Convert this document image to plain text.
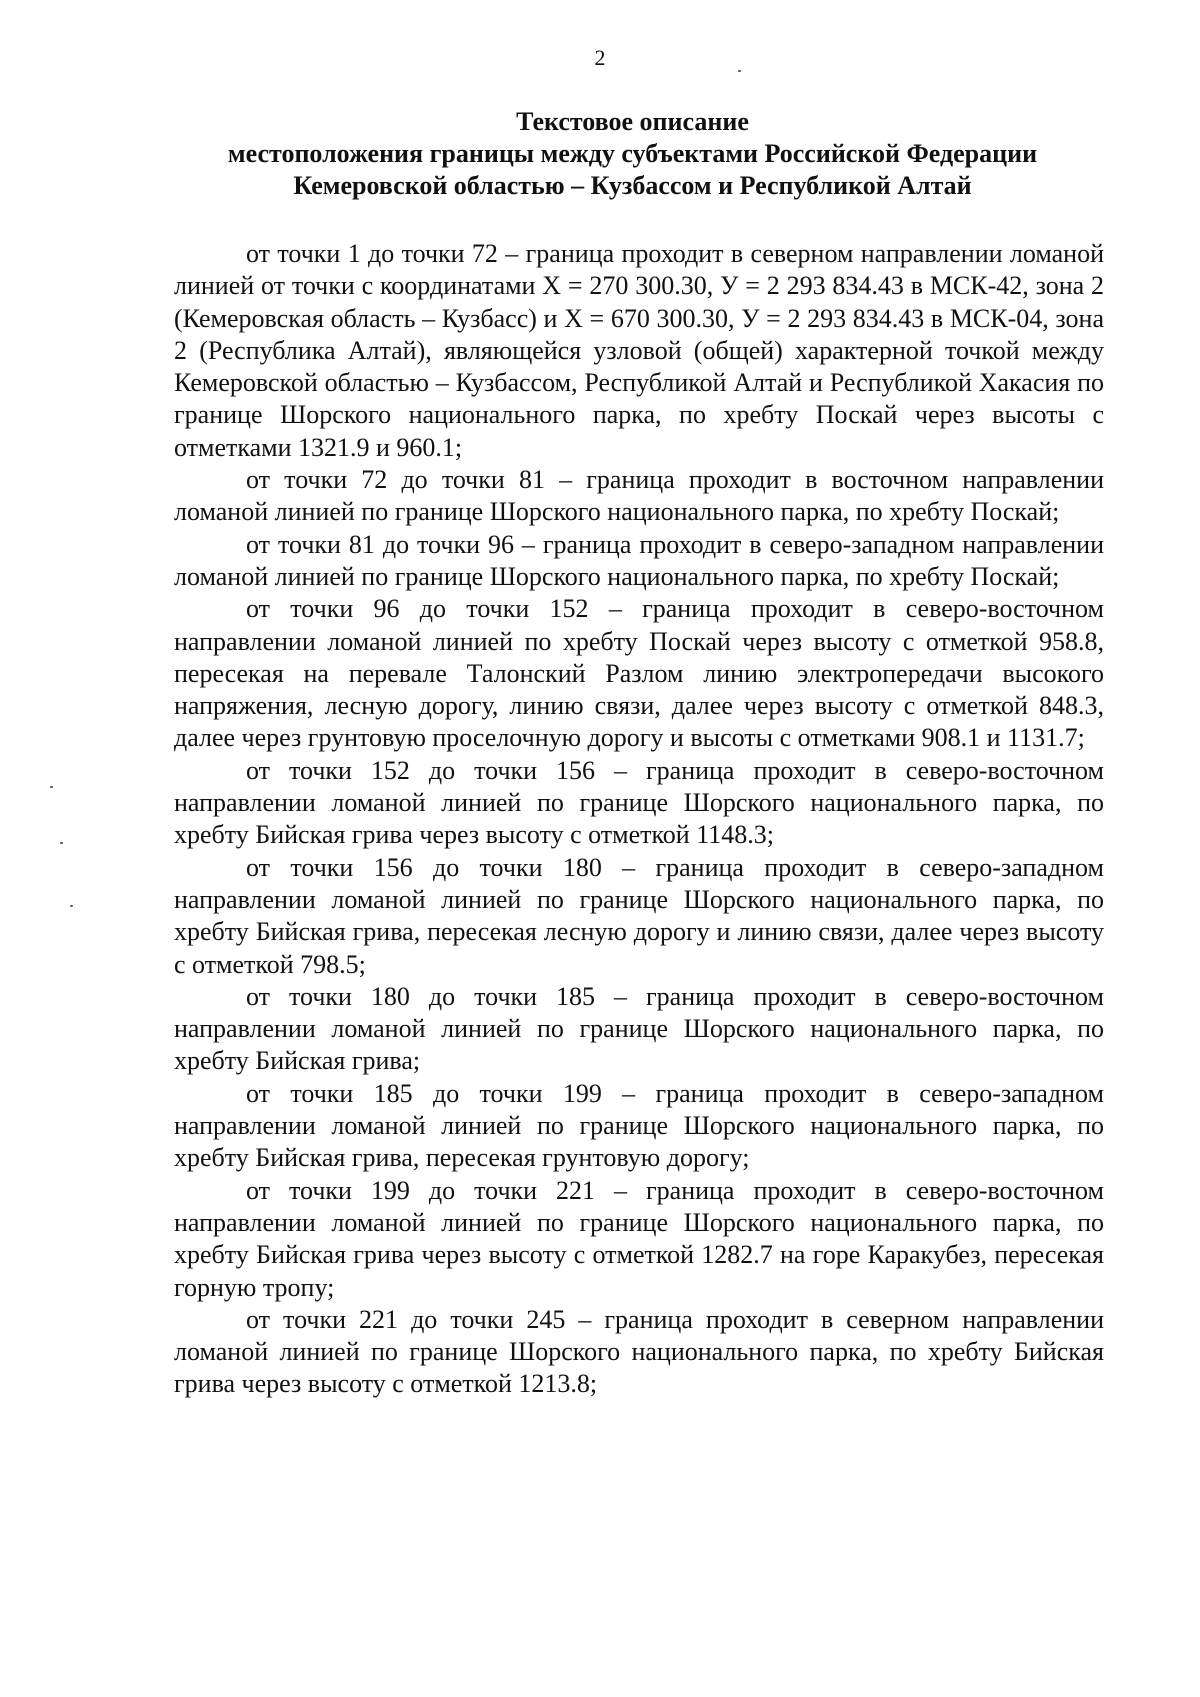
2
Текстовое описание
местоположения границы между субъектами Российской Федерации
Кемеровской областью – Кузбассом и Республикой Алтай

от точки 1 до точки 72 – граница проходит в северном направлении ломаной линией от точки с координатами Х = 270 300.30, У = 2 293 834.43 в МСК-42, зона 2 (Кемеровская область – Кузбасс) и Х = 670 300.30, У = 2 293 834.43 в МСК-04, зона 2 (Республика Алтай), являющейся узловой (общей) характерной точкой между Кемеровской областью – Кузбассом, Республикой Алтай и Республикой Хакасия по границе Шорского национального парка, по хребту Поскай через высоты с отметками 1321.9 и 960.1;

от точки 72 до точки 81 – граница проходит в восточном направлении ломаной линией по границе Шорского национального парка, по хребту Поскай;

от точки 81 до точки 96 – граница проходит в северо-западном направлении ломаной линией по границе Шорского национального парка, по хребту Поскай;

от точки 96 до точки 152 – граница проходит в северо-восточном направлении ломаной линией по хребту Поскай через высоту с отметкой 958.8, пересекая на перевале Талонский Разлом линию электропередачи высокого напряжения, лесную дорогу, линию связи, далее через высоту с отметкой 848.3, далее через грунтовую проселочную дорогу и высоты с отметками 908.1 и 1131.7;

от точки 152 до точки 156 – граница проходит в северо-восточном направлении ломаной линией по границе Шорского национального парка, по хребту Бийская грива через высоту с отметкой 1148.3;

от точки 156 до точки 180 – граница проходит в северо-западном направлении ломаной линией по границе Шорского национального парка, по хребту Бийская грива, пересекая лесную дорогу и линию связи, далее через высоту с отметкой 798.5;

от точки 180 до точки 185 – граница проходит в северо-восточном направлении ломаной линией по границе Шорского национального парка, по хребту Бийская грива;

от точки 185 до точки 199 – граница проходит в северо-западном направлении ломаной линией по границе Шорского национального парка, по хребту Бийская грива, пересекая грунтовую дорогу;

от точки 199 до точки 221 – граница проходит в северо-восточном направлении ломаной линией по границе Шорского национального парка, по хребту Бийская грива через высоту с отметкой 1282.7 на горе Каракубез, пересекая горную тропу;

от точки 221 до точки 245 – граница проходит в северном направлении ломаной линией по границе Шорского национального парка, по хребту Бийская грива через высоту с отметкой 1213.8;
